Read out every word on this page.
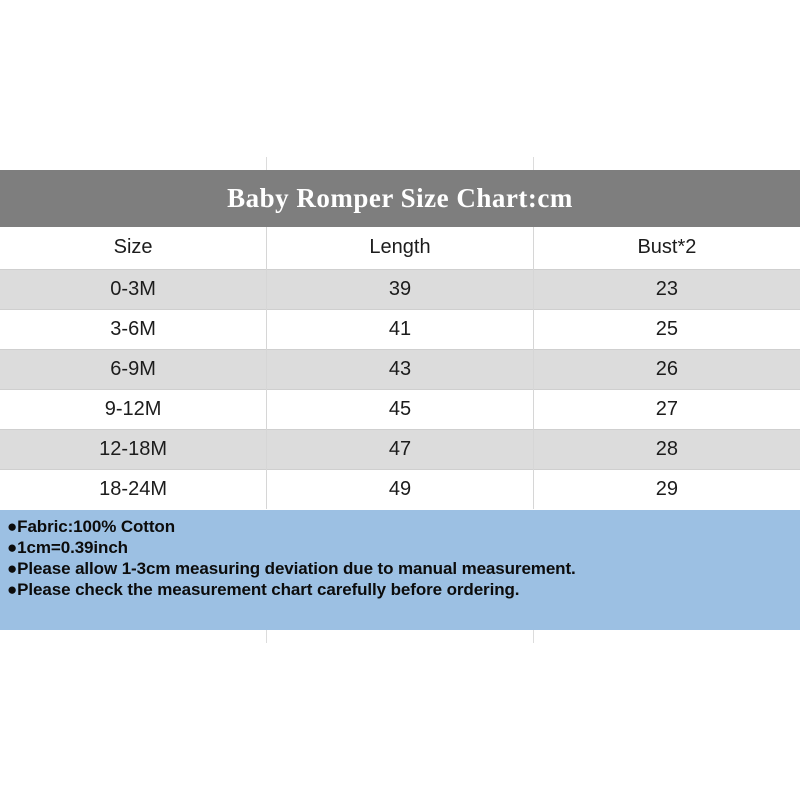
Baby Romper Size Chart:cm
Size	Length	Bust*2
0-3M	39	23
3-6M	41	25
6-9M	43	26
9-12M	45	27
12-18M	47	28
18-24M	49	29
●Fabric:100% Cotton
●1cm=0.39inch
●Please allow 1-3cm measuring deviation due to manual measurement.
●Please check the measurement chart carefully before ordering.
